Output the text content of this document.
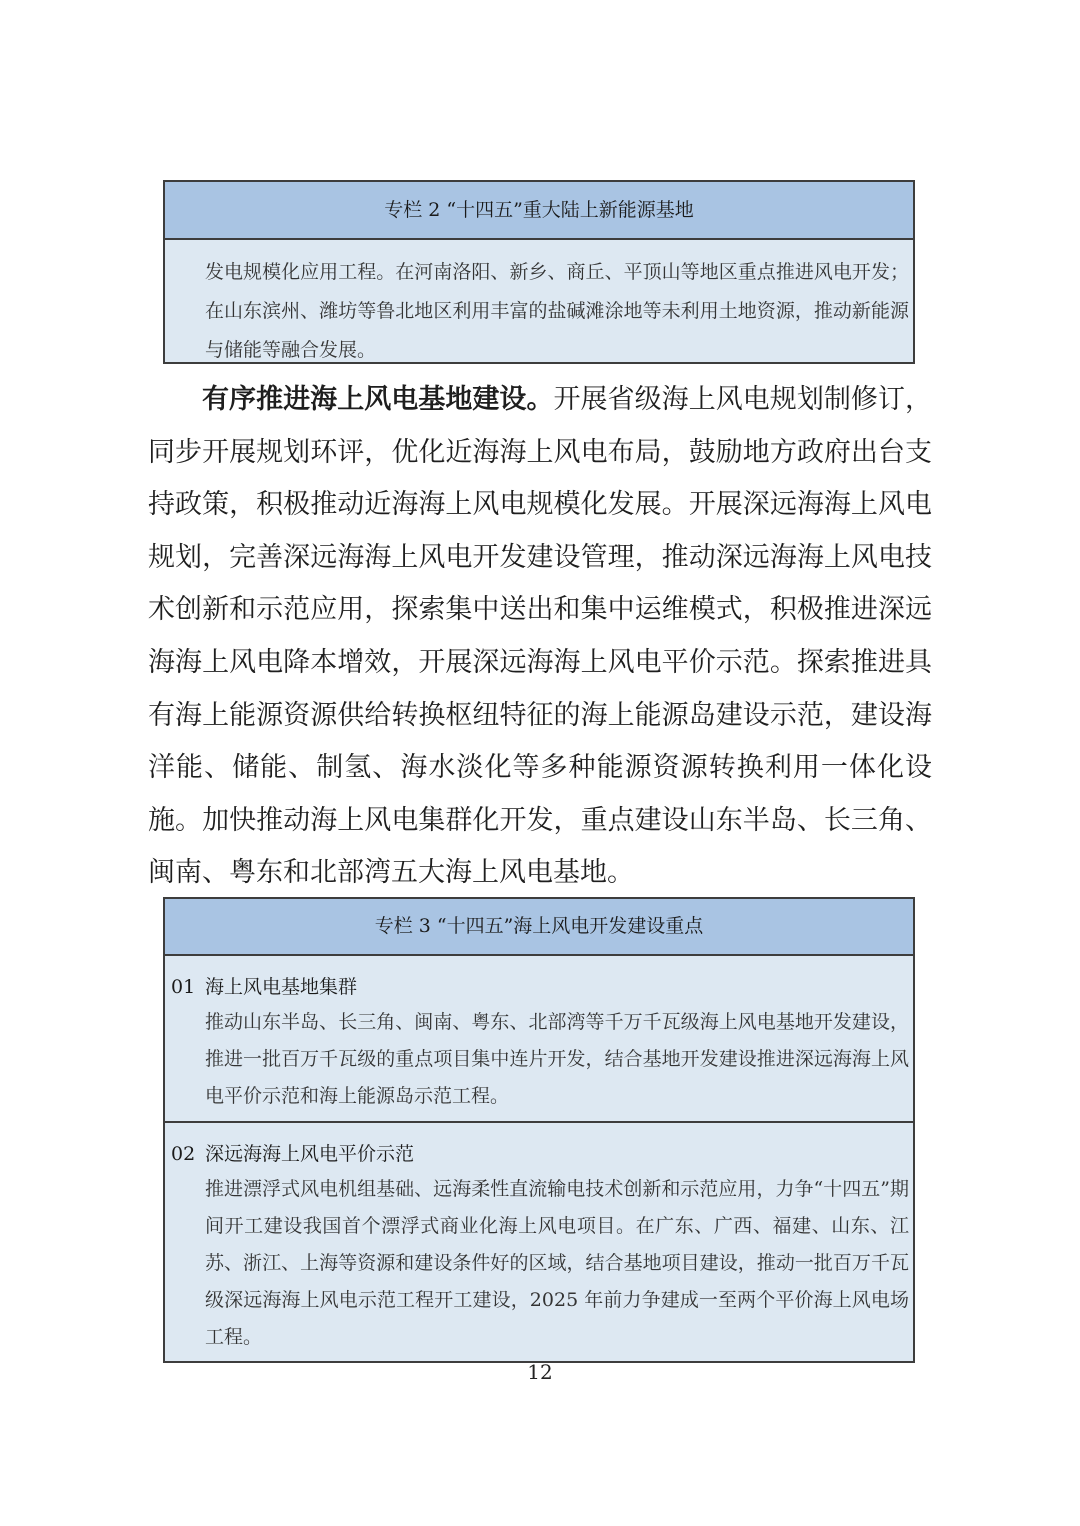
专栏 2 “十四五”重大陆上新能源基地
发电规模化应用工程。在河南洛阳、新乡、商丘、平顶山等地区重点推进风电开发；在山东滨州、潍坊等鲁北地区利用丰富的盐碱滩涂地等未利用土地资源，推动新能源与储能等融合发展。

有序推进海上风电基地建设。开展省级海上风电规划制修订，同步开展规划环评，优化近海海上风电布局，鼓励地方政府出台支持政策，积极推动近海海上风电规模化发展。开展深远海海上风电规划，完善深远海海上风电开发建设管理，推动深远海海上风电技术创新和示范应用，探索集中送出和集中运维模式，积极推进深远海海上风电降本增效，开展深远海海上风电平价示范。探索推进具有海上能源资源供给转换枢纽特征的海上能源岛建设示范，建设海洋能、储能、制氢、海水淡化等多种能源资源转换利用一体化设施。加快推动海上风电集群化开发，重点建设山东半岛、长三角、闽南、粤东和北部湾五大海上风电基地。

专栏 3 “十四五”海上风电开发建设重点
01 海上风电基地集群
推动山东半岛、长三角、闽南、粤东、北部湾等千万千瓦级海上风电基地开发建设，推进一批百万千瓦级的重点项目集中连片开发，结合基地开发建设推进深远海海上风电平价示范和海上能源岛示范工程。
02 深远海海上风电平价示范
推进漂浮式风电机组基础、远海柔性直流输电技术创新和示范应用，力争“十四五”期间开工建设我国首个漂浮式商业化海上风电项目。在广东、广西、福建、山东、江苏、浙江、上海等资源和建设条件好的区域，结合基地项目建设，推动一批百万千瓦级深远海海上风电示范工程开工建设，2025 年前力争建成一至两个平价海上风电场工程。
12
